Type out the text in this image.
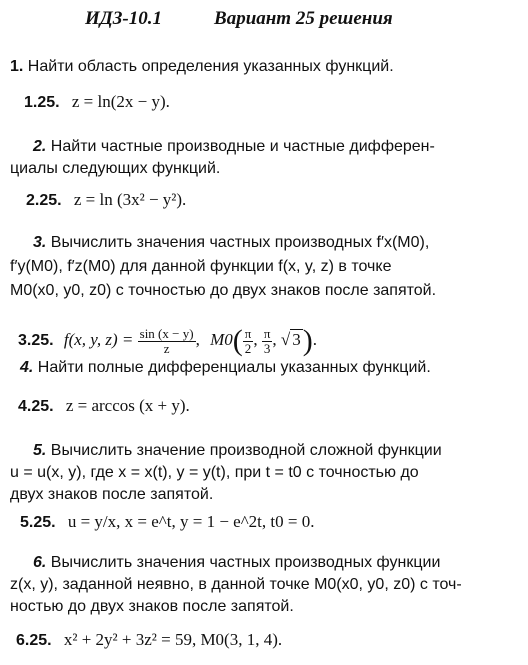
ИДЗ-10.1	Вариант 25 решения
1. Найти область определения указанных функций.
1.25. z = ln(2x − y).
2. Найти частные производные и частные дифферен-
циалы следующих функций.
2.25. z = ln (3x² − y²).
3. Вычислить значения частных производных f′x(M0),
f′y(M0), f′z(M0) для данной функции f(x, y, z) в точке
M0(x0, y0, z0) с точностью до двух знаков после запятой.
3.25. f(x, y, $z) = \frac{\sin (x - y)}{z}$ , $M0( \frac{\pi}{2}$ , $\frac{\pi}{3}$ , √ 3).
4. Найти полные дифференциалы указанных функций.
4.25. z = arccos (x + y).
5. Вычислить значение производной сложной функции
u = u(x, y), где x = x(t), y = y(t), при t = t0 с точностью до
двух знаков после запятой.
5.25. u = y/x, x = e^t, y = 1 − e^2t, t0 = 0.
6. Вычислить значения частных производных функции
z(x, y), заданной неявно, в данной точке M0(x0, y0, z0) с точ-
ностью до двух знаков после запятой.
6.25. x² + 2y² + 3z² = 59, M0(3, 1, 4).
